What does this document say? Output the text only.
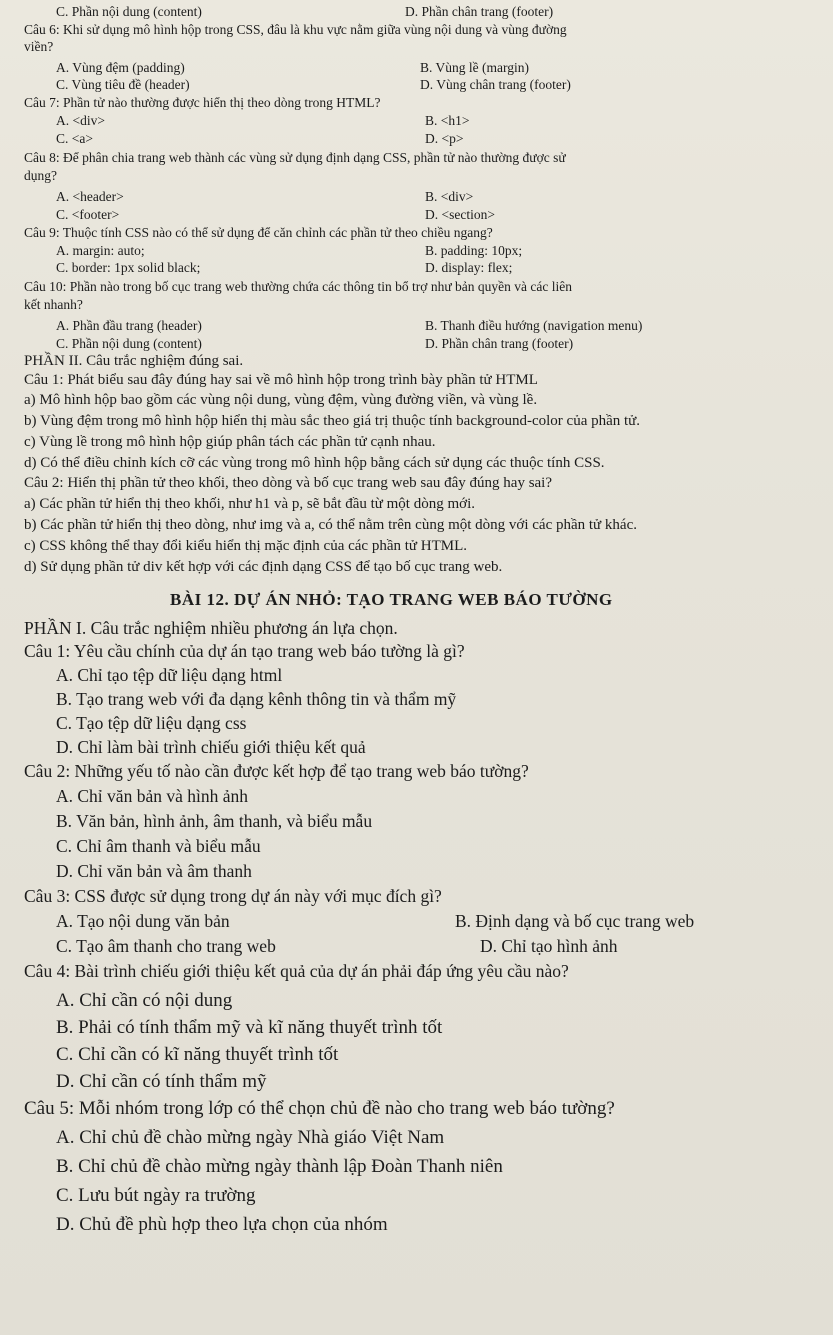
C. Phần nội dung (content)	D. Phần chân trang (footer)
Câu 6: Khi sử dụng mô hình hộp trong CSS, đâu là khu vực nằm giữa vùng nội dung và vùng đường
viền?
A. Vùng đệm (padding)	B. Vùng lề (margin)
C. Vùng tiêu đề (header)	D. Vùng chân trang (footer)
Câu 7: Phần tử nào thường được hiển thị theo dòng trong HTML?
A. <div>	B. <h1>
C. <a>	D. <p>
Câu 8: Để phân chia trang web thành các vùng sử dụng định dạng CSS, phần tử nào thường được sử
dụng?
A. <header>	B. <div>
C. <footer>	D. <section>
Câu 9: Thuộc tính CSS nào có thể sử dụng để căn chỉnh các phần tử theo chiều ngang?
A. margin: auto;	B. padding: 10px;
C. border: 1px solid black;	D. display: flex;
Câu 10: Phần nào trong bố cục trang web thường chứa các thông tin bổ trợ như bản quyền và các liên
kết nhanh?
A. Phần đầu trang (header)	B. Thanh điều hướng (navigation menu)
C. Phần nội dung (content)	D. Phần chân trang (footer)
PHẦN II. Câu trắc nghiệm đúng sai.
Câu 1: Phát biểu sau đây đúng hay sai về mô hình hộp trong trình bày phần tử HTML
a) Mô hình hộp bao gồm các vùng nội dung, vùng đệm, vùng đường viền, và vùng lề.
b) Vùng đệm trong mô hình hộp hiển thị màu sắc theo giá trị thuộc tính background-color của phần tử.
c) Vùng lề trong mô hình hộp giúp phân tách các phần tử cạnh nhau.
d) Có thể điều chỉnh kích cỡ các vùng trong mô hình hộp bằng cách sử dụng các thuộc tính CSS.
Câu 2: Hiển thị phần tử theo khối, theo dòng và bố cục trang web sau đây đúng hay sai?
a) Các phần tử hiển thị theo khối, như h1 và p, sẽ bắt đầu từ một dòng mới.
b) Các phần tử hiển thị theo dòng, như img và a, có thể nằm trên cùng một dòng với các phần tử khác.
c) CSS không thể thay đổi kiểu hiển thị mặc định của các phần tử HTML.
d) Sử dụng phần tử div kết hợp với các định dạng CSS để tạo bố cục trang web.
BÀI 12. DỰ ÁN NHỎ: TẠO TRANG WEB BÁO TƯỜNG
PHẦN I. Câu trắc nghiệm nhiều phương án lựa chọn.
Câu 1: Yêu cầu chính của dự án tạo trang web báo tường là gì?
A. Chỉ tạo tệp dữ liệu dạng html
B. Tạo trang web với đa dạng kênh thông tin và thẩm mỹ
C. Tạo tệp dữ liệu dạng css
D. Chỉ làm bài trình chiếu giới thiệu kết quả
Câu 2: Những yếu tố nào cần được kết hợp để tạo trang web báo tường?
A. Chỉ văn bản và hình ảnh
B. Văn bản, hình ảnh, âm thanh, và biểu mẫu
C. Chỉ âm thanh và biểu mẫu
D. Chỉ văn bản và âm thanh
Câu 3: CSS được sử dụng trong dự án này với mục đích gì?
A. Tạo nội dung văn bản	B. Định dạng và bố cục trang web
C. Tạo âm thanh cho trang web	D. Chỉ tạo hình ảnh
Câu 4: Bài trình chiếu giới thiệu kết quả của dự án phải đáp ứng yêu cầu nào?
A. Chỉ cần có nội dung
B. Phải có tính thẩm mỹ và kĩ năng thuyết trình tốt
C. Chỉ cần có kĩ năng thuyết trình tốt
D. Chỉ cần có tính thẩm mỹ
Câu 5: Mỗi nhóm trong lớp có thể chọn chủ đề nào cho trang web báo tường?
A. Chỉ chủ đề chào mừng ngày Nhà giáo Việt Nam
B. Chỉ chủ đề chào mừng ngày thành lập Đoàn Thanh niên
C. Lưu bút ngày ra trường
D. Chủ đề phù hợp theo lựa chọn của nhóm
